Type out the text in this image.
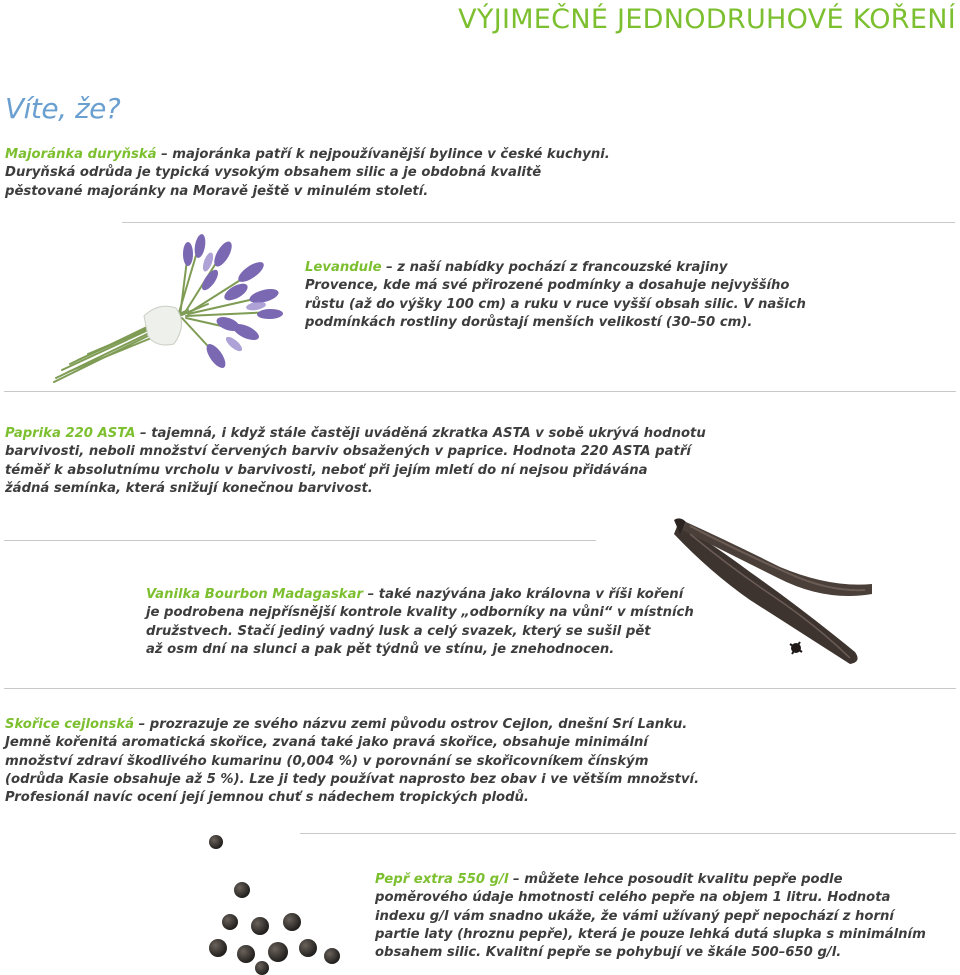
VÝJIMEČNÉ JEDNODRUHOVÉ KOŘENÍ
Víte, že?
Majoránka duryňská – majoránka patří k nejpoužívanější bylince v české kuchyni.
Duryňská odrůda je typická vysokým obsahem silic a je obdobná kvalitě
pěstované majoránky na Moravě ještě v minulém století.
Levandule – z naší nabídky pochází z francouzské krajiny
Provence, kde má své přirozené podmínky a dosahuje nejvyššího
růstu (až do výšky 100 cm) a ruku v ruce vyšší obsah silic. V našich
podmínkách rostliny dorůstají menších velikostí (30–50 cm).
Paprika 220 ASTA – tajemná, i když stále častěji uváděná zkratka ASTA v sobě ukrývá hodnotu
barvivosti, neboli množství červených barviv obsažených v paprice. Hodnota 220 ASTA patří
téměř k absolutnímu vrcholu v barvivosti, neboť při jejím mletí do ní nejsou přidávána
žádná semínka, která snižují konečnou barvivost.
Vanilka Bourbon Madagaskar – také nazývána jako královna v říši koření
je podrobena nejpřísnější kontrole kvality „odborníky na vůni“ v místních
družstvech. Stačí jediný vadný lusk a celý svazek, který se sušil pět
až osm dní na slunci a pak pět týdnů ve stínu, je znehodnocen.
Skořice cejlonská – prozrazuje ze svého názvu zemi původu ostrov Cejlon, dnešní Srí Lanku.
Jemně kořenitá aromatická skořice, zvaná také jako pravá skořice, obsahuje minimální
množství zdraví škodlivého kumarinu (0,004 %) v porovnání se skořicovníkem čínským
(odrůda Kasie obsahuje až 5 %). Lze ji tedy používat naprosto bez obav i ve větším množství.
Profesionál navíc ocení její jemnou chuť s nádechem tropických plodů.
Pepř extra 550 g/l – můžete lehce posoudit kvalitu pepře podle
poměrového údaje hmotnosti celého pepře na objem 1 litru. Hodnota
indexu g/l vám snadno ukáže, že vámi užívaný pepř nepochází z horní
partie laty (hroznu pepře), která je pouze lehká dutá slupka s minimálním
obsahem silic. Kvalitní pepře se pohybují ve škále 500–650 g/l.
